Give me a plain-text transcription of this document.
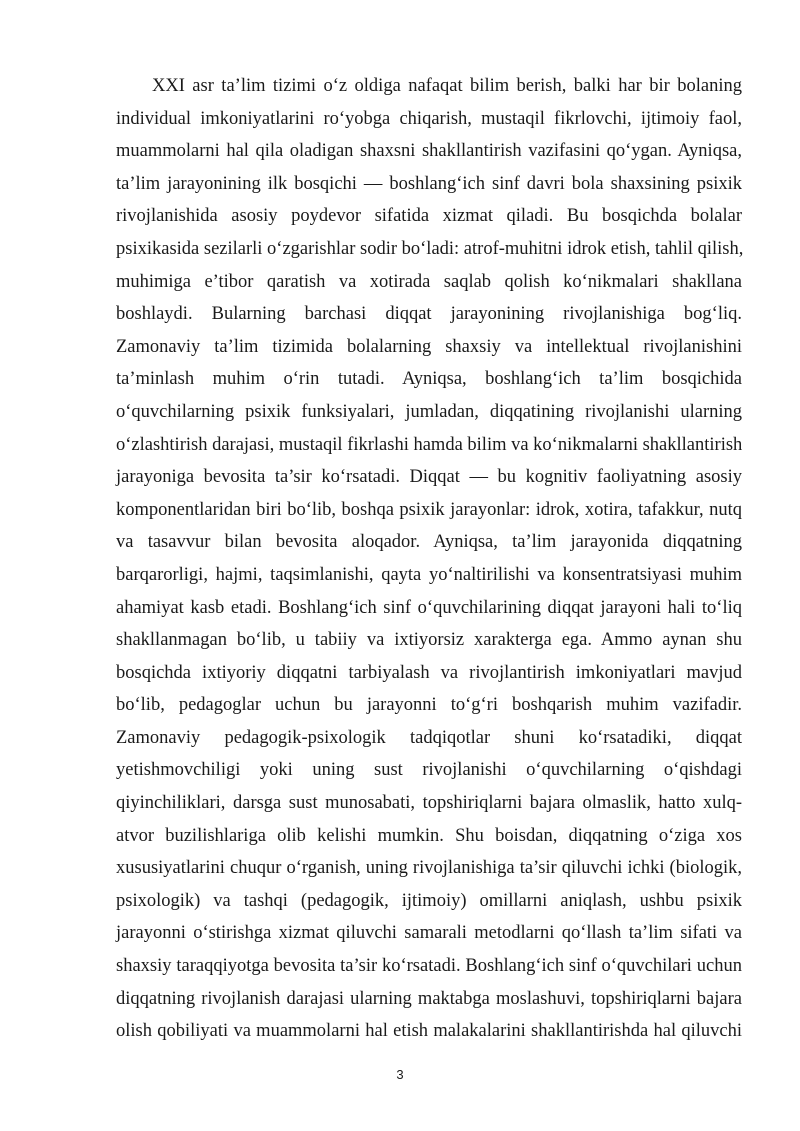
XXI asr ta’lim tizimi o‘z oldiga nafaqat bilim berish, balki har bir bolaning
individual imkoniyatlarini ro‘yobga chiqarish, mustaqil fikrlovchi, ijtimoiy faol,
muammolarni hal qila oladigan shaxsni shakllantirish vazifasini qo‘ygan. Ayniqsa,
ta’lim jarayonining ilk bosqichi — boshlang‘ich sinf davri bola shaxsining psixik
rivojlanishida asosiy poydevor sifatida xizmat qiladi. Bu bosqichda bolalar
psixikasida sezilarli o‘zgarishlar sodir bo‘ladi: atrof-muhitni idrok etish, tahlil qilish,
muhimiga e’tibor qaratish va xotirada saqlab qolish ko‘nikmalari shakllana
boshlaydi. Bularning barchasi diqqat jarayonining rivojlanishiga bog‘liq.
Zamonaviy ta’lim tizimida bolalarning shaxsiy va intellektual rivojlanishini
ta’minlash muhim o‘rin tutadi. Ayniqsa, boshlang‘ich ta’lim bosqichida
o‘quvchilarning psixik funksiyalari, jumladan, diqqatining rivojlanishi ularning
o‘zlashtirish darajasi, mustaqil fikrlashi hamda bilim va ko‘nikmalarni shakllantirish
jarayoniga bevosita ta’sir ko‘rsatadi. Diqqat — bu kognitiv faoliyatning asosiy
komponentlaridan biri bo‘lib, boshqa psixik jarayonlar: idrok, xotira, tafakkur, nutq
va tasavvur bilan bevosita aloqador. Ayniqsa, ta’lim jarayonida diqqatning
barqarorligi, hajmi, taqsimlanishi, qayta yo‘naltirilishi va konsentratsiyasi muhim
ahamiyat kasb etadi. Boshlang‘ich sinf o‘quvchilarining diqqat jarayoni hali to‘liq
shakllanmagan bo‘lib, u tabiiy va ixtiyorsiz xarakterga ega. Ammo aynan shu
bosqichda ixtiyoriy diqqatni tarbiyalash va rivojlantirish imkoniyatlari mavjud
bo‘lib, pedagoglar uchun bu jarayonni to‘g‘ri boshqarish muhim vazifadir.
Zamonaviy pedagogik-psixologik tadqiqotlar shuni ko‘rsatadiki, diqqat
yetishmovchiligi yoki uning sust rivojlanishi o‘quvchilarning o‘qishdagi
qiyinchiliklari, darsga sust munosabati, topshiriqlarni bajara olmaslik, hatto xulq-
atvor buzilishlariga olib kelishi mumkin. Shu boisdan, diqqatning o‘ziga xos
xususiyatlarini chuqur o‘rganish, uning rivojlanishiga ta’sir qiluvchi ichki (biologik,
psixologik) va tashqi (pedagogik, ijtimoiy) omillarni aniqlash, ushbu psixik
jarayonni o‘stirishga xizmat qiluvchi samarali metodlarni qo‘llash ta’lim sifati va
shaxsiy taraqqiyotga bevosita ta’sir ko‘rsatadi. Boshlang‘ich sinf o‘quvchilari uchun
diqqatning rivojlanish darajasi ularning maktabga moslashuvi, topshiriqlarni bajara
olish qobiliyati va muammolarni hal etish malakalarini shakllantirishda hal qiluvchi
3
